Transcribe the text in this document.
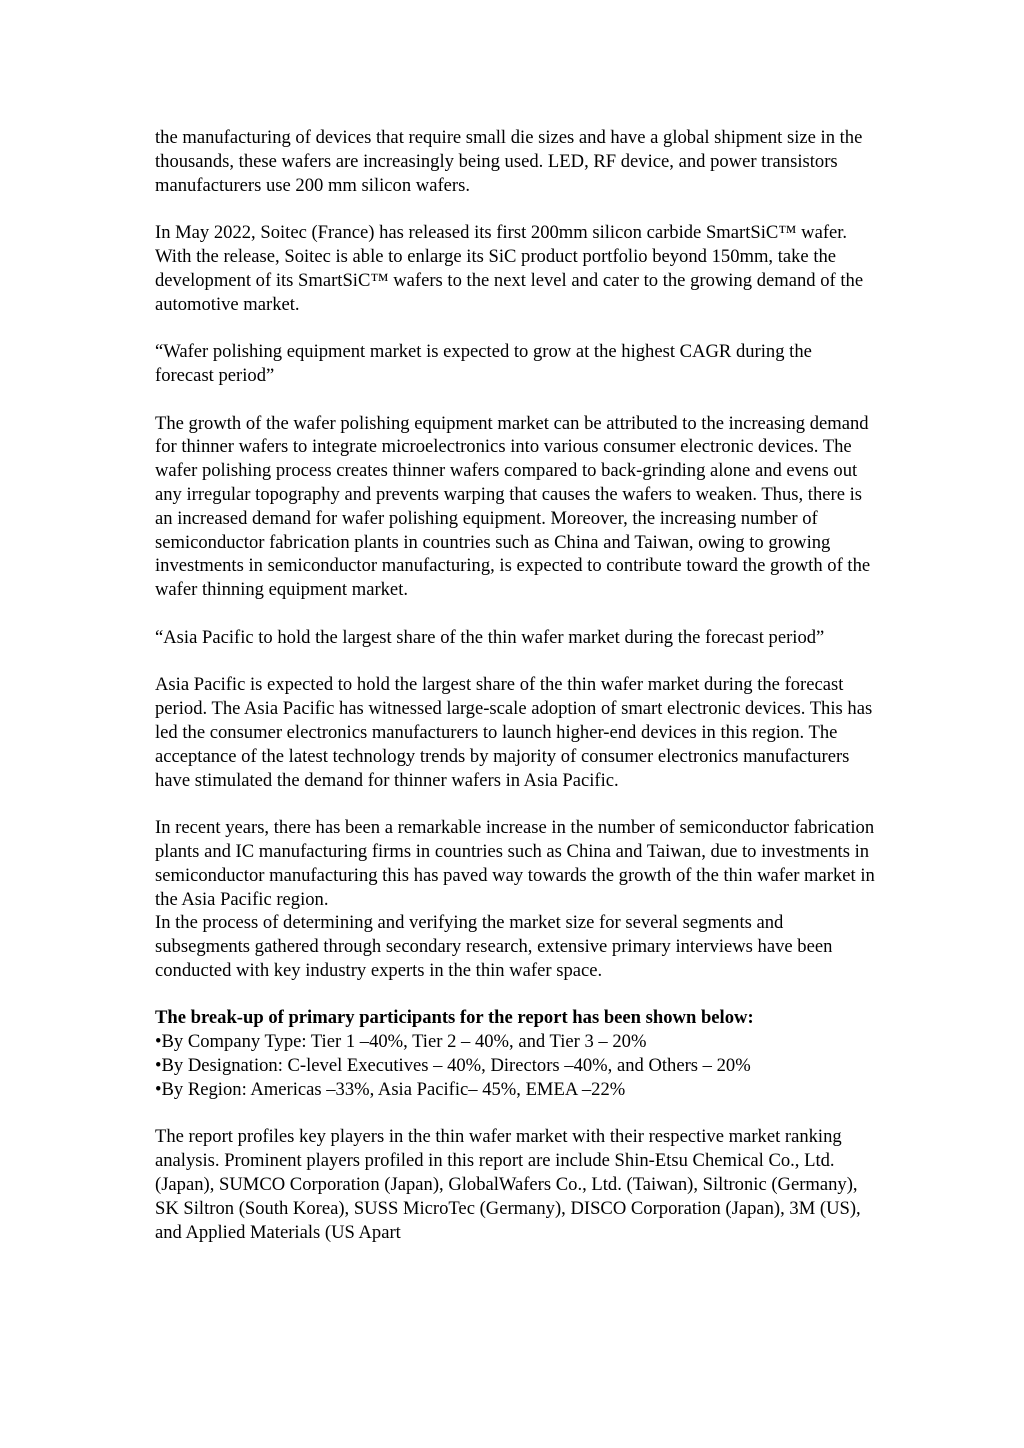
the manufacturing of devices that require small die sizes and have a global shipment size in the thousands, these wafers are increasingly being used. LED, RF device, and power transistors manufacturers use 200 mm silicon wafers.

In May 2022, Soitec (France) has released its first 200mm silicon carbide SmartSiC™ wafer. With the release, Soitec is able to enlarge its SiC product portfolio beyond 150mm, take the development of its SmartSiC™ wafers to the next level and cater to the growing demand of the automotive market.

“Wafer polishing equipment market is expected to grow at the highest CAGR during the forecast period”

The growth of the wafer polishing equipment market can be attributed to the increasing demand for thinner wafers to integrate microelectronics into various consumer electronic devices. The wafer polishing process creates thinner wafers compared to back-grinding alone and evens out any irregular topography and prevents warping that causes the wafers to weaken. Thus, there is an increased demand for wafer polishing equipment. Moreover, the increasing number of semiconductor fabrication plants in countries such as China and Taiwan, owing to growing investments in semiconductor manufacturing, is expected to contribute toward the growth of the wafer thinning equipment market.

“Asia Pacific to hold the largest share of the thin wafer market during the forecast period”

Asia Pacific is expected to hold the largest share of the thin wafer market during the forecast period. The Asia Pacific has witnessed large-scale adoption of smart electronic devices. This has led the consumer electronics manufacturers to launch higher-end devices in this region. The acceptance of the latest technology trends by majority of consumer electronics manufacturers have stimulated the demand for thinner wafers in Asia Pacific.

In recent years, there has been a remarkable increase in the number of semiconductor fabrication plants and IC manufacturing firms in countries such as China and Taiwan, due to investments in semiconductor manufacturing this has paved way towards the growth of the thin wafer market in the Asia Pacific region.

In the process of determining and verifying the market size for several segments and subsegments gathered through secondary research, extensive primary interviews have been conducted with key industry experts in the thin wafer space.

The break-up of primary participants for the report has been shown below:

•By Company Type: Tier 1 –40%, Tier 2 – 40%, and Tier 3 – 20%
•By Designation: C-level Executives – 40%, Directors –40%, and Others – 20%
•By Region: Americas –33%, Asia Pacific– 45%, EMEA –22%

The report profiles key players in the thin wafer market with their respective market ranking analysis. Prominent players profiled in this report are include Shin-Etsu Chemical Co., Ltd. (Japan), SUMCO Corporation (Japan), GlobalWafers Co., Ltd. (Taiwan), Siltronic (Germany), SK Siltron (South Korea), SUSS MicroTec (Germany), DISCO Corporation (Japan), 3M (US), and Applied Materials (US Apart
